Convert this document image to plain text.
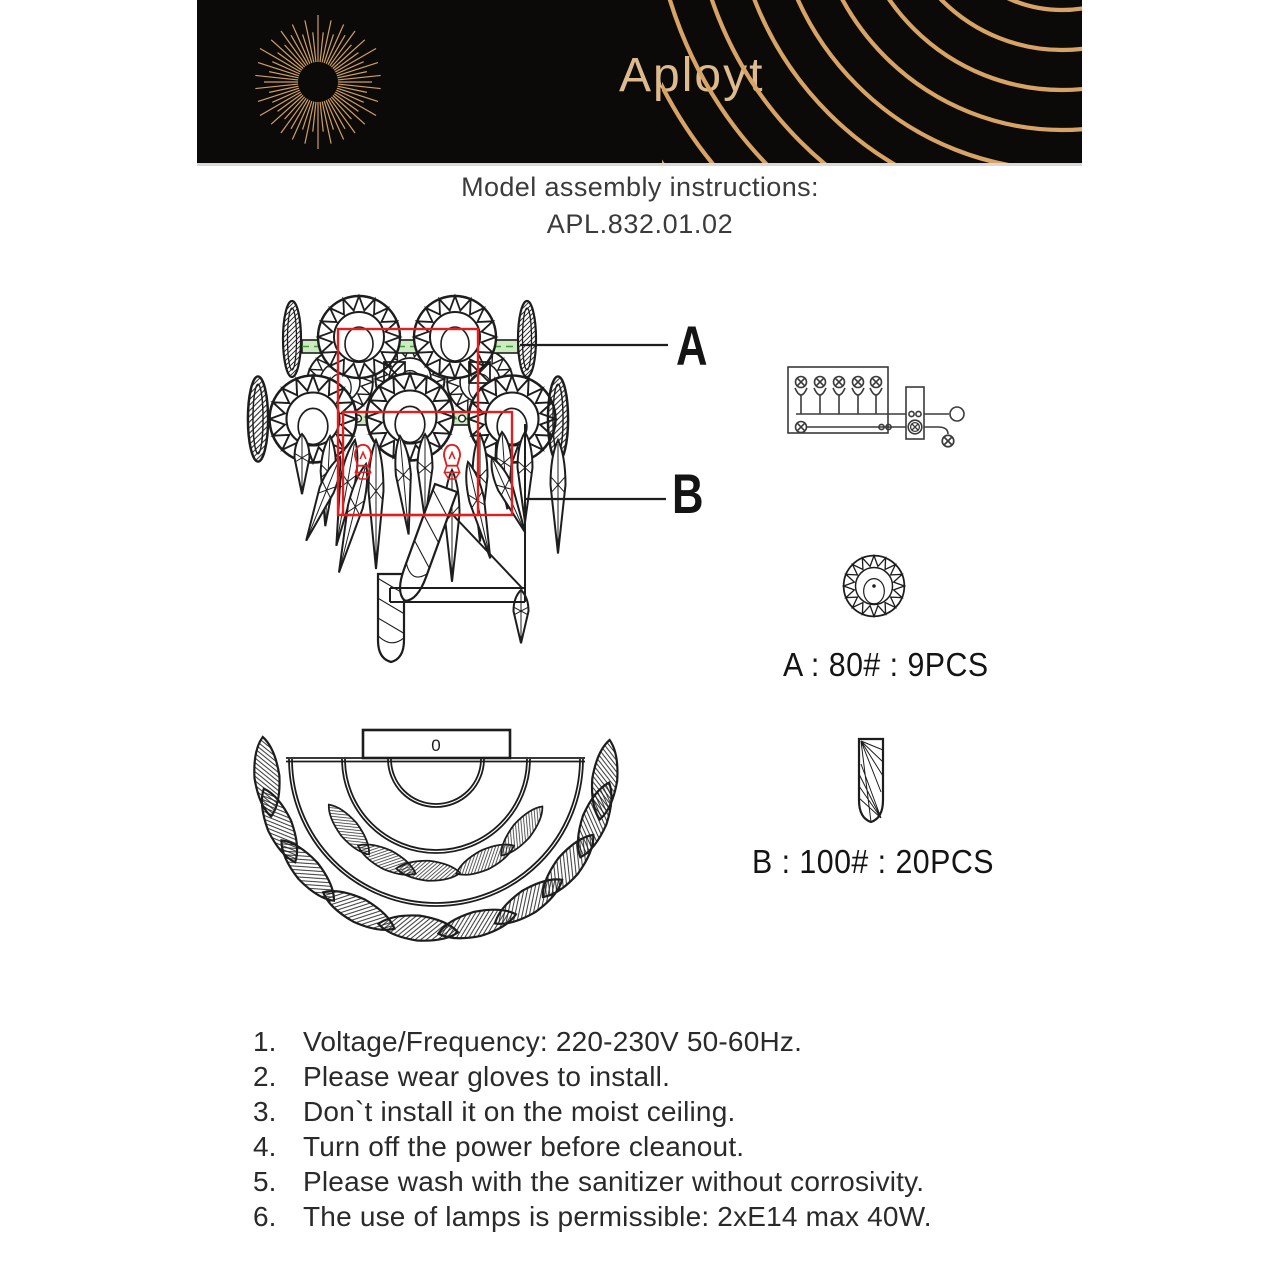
Aployt
Model assembly instructions:
APL.832.01.02
A
B
A : 80# : 9PCS
B : 100# : 20PCS
0
1. Voltage/Frequency: 220-230V 50-60Hz.
2. Please wear gloves to install.
3. Don`t install it on the moist ceiling.
4. Turn off the power before cleanout.
5. Please wash with the sanitizer without corrosivity.
6. The use of lamps is permissible: 2xE14 max 40W.
